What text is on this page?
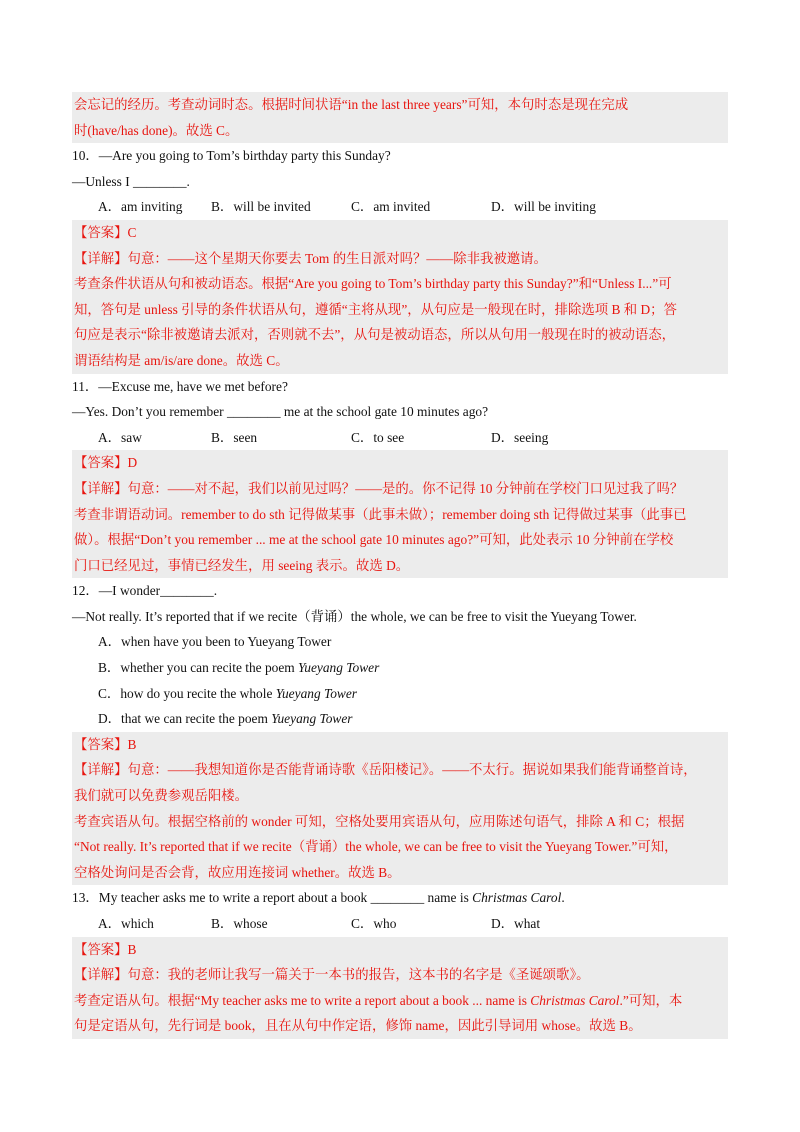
会忘记的经历。考查动词时态。根据时间状语“in the last three years”可知，本句时态是现在完成
时(have/has done)。故选 C。

10．—Are you going to Tom’s birthday party this Sunday?

—Unless I ________.

A．am inviting	B．will be invited	C．am invited	D．will be inviting
【答案】C
【详解】句意：——这个星期天你要去 Tom 的生日派对吗？——除非我被邀请。
考查条件状语从句和被动语态。根据“Are you going to Tom’s birthday party this Sunday?”和“Unless I...”可
知，答句是 unless 引导的条件状语从句，遵循“主将从现”，从句应是一般现在时，排除选项 B 和 D；答
句应是表示“除非被邀请去派对，否则就不去”，从句是被动语态，所以从句用一般现在时的被动语态，
谓语结构是 am/is/are done。故选 C。

11．—Excuse me, have we met before?

—Yes. Don’t you remember ________ me at the school gate 10 minutes ago?

A．saw	B．seen	C．to see	D．seeing
【答案】D
【详解】句意：——对不起，我们以前见过吗？——是的。你不记得 10 分钟前在学校门口见过我了吗？
考查非谓语动词。remember to do sth 记得做某事（此事未做）；remember doing sth 记得做过某事（此事已
做）。根据“Don’t you remember ... me at the school gate 10 minutes ago?”可知，此处表示 10 分钟前在学校
门口已经见过，事情已经发生，用 seeing 表示。故选 D。

12．—I wonder________.

—Not really. It’s reported that if we recite（背诵）the whole, we can be free to visit the Yueyang Tower.

A．when have you been to Yueyang Tower

B．whether you can recite the poem Yueyang Tower

C．how do you recite the whole Yueyang Tower

D．that we can recite the poem Yueyang Tower

【答案】B
【详解】句意：——我想知道你是否能背诵诗歌《岳阳楼记》。——不太行。据说如果我们能背诵整首诗，
我们就可以免费参观岳阳楼。
考查宾语从句。根据空格前的 wonder 可知，空格处要用宾语从句，应用陈述句语气，排除 A 和 C；根据
“Not really. It’s reported that if we recite（背诵）the whole, we can be free to visit the Yueyang Tower.”可知，
空格处询问是否会背，故应用连接词 whether。故选 B。

13．My teacher asks me to write a report about a book ________ name is Christmas Carol.

A．which	B．whose	C．who	D．what
【答案】B
【详解】句意：我的老师让我写一篇关于一本书的报告，这本书的名字是《圣诞颂歌》。
考查定语从句。根据“My teacher asks me to write a report about a book ... name is Christmas Carol.”可知，本
句是定语从句，先行词是 book，且在从句中作定语，修饰 name，因此引导词用 whose。故选 B。
